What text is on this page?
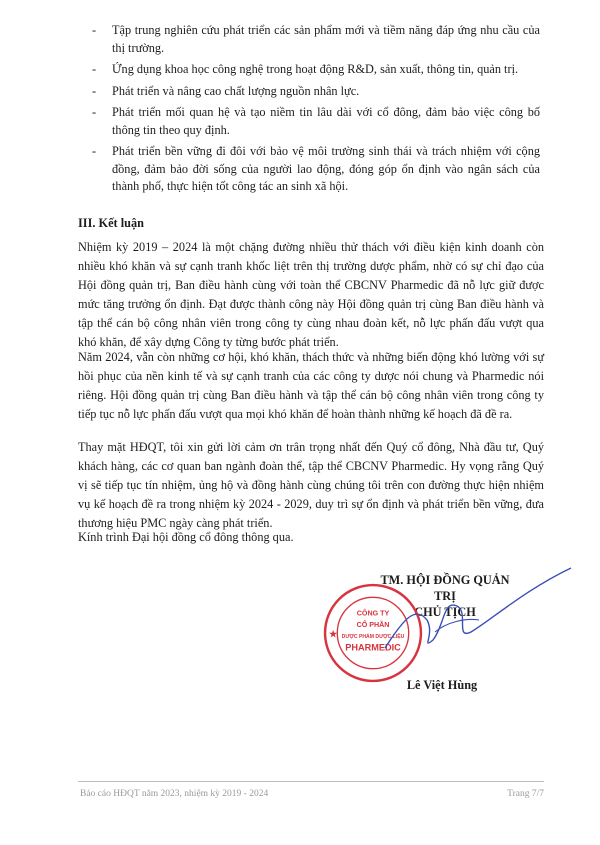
- Tập trung nghiên cứu phát triển các sản phẩm mới và tiềm năng đáp ứng nhu cầu của thị trường.
- Ứng dụng khoa học công nghệ trong hoạt động R&D, sản xuất, thông tin, quản trị.
- Phát triển và nâng cao chất lượng nguồn nhân lực.
- Phát triển mối quan hệ và tạo niềm tin lâu dài với cổ đông, đảm bảo việc công bố thông tin theo quy định.
- Phát triển bền vững đi đôi với bảo vệ môi trường sinh thái và trách nhiệm với cộng đồng, đảm bảo đời sống của người lao động, đóng góp ổn định vào ngân sách của thành phố, thực hiện tốt công tác an sinh xã hội.
III. Kết luận

Nhiệm kỳ 2019 – 2024 là một chặng đường nhiều thử thách với điều kiện kinh doanh còn nhiều khó khăn và sự cạnh tranh khốc liệt trên thị trường dược phẩm, nhờ có sự chỉ đạo của Hội đồng quản trị, Ban điều hành cùng với toàn thể CBCNV Pharmedic đã nỗ lực giữ được mức tăng trưởng ổn định. Đạt được thành công này Hội đồng quản trị cùng Ban điều hành và tập thể cán bộ công nhân viên trong công ty cùng nhau đoàn kết, nỗ lực phấn đấu vượt qua khó khăn, để xây dựng Công ty từng bước phát triển.

Năm 2024, vẫn còn những cơ hội, khó khăn, thách thức và những biến động khó lường với sự hồi phục của nền kinh tế và sự cạnh tranh của các công ty dược nói chung và Pharmedic nói riêng. Hội đồng quản trị cùng Ban điều hành và tập thể cán bộ công nhân viên trong công ty tiếp tục nỗ lực phấn đấu vượt qua mọi khó khăn để hoàn thành những kế hoạch đã đề ra.

Thay mặt HĐQT, tôi xin gửi lời cảm ơn trân trọng nhất đến Quý cổ đông, Nhà đầu tư, Quý khách hàng, các cơ quan ban ngành đoàn thể, tập thể CBCNV Pharmedic. Hy vọng rằng Quý vị sẽ tiếp tục tín nhiệm, ủng hộ và đồng hành cùng chúng tôi trên con đường thực hiện nhiệm vụ kế hoạch đề ra trong nhiệm kỳ 2024 - 2029, duy trì sự ổn định và phát triển bền vững, đưa thương hiệu PMC ngày càng phát triển.

Kính trình Đại hội đồng cổ đông thông qua.

TM. HỘI ĐỒNG QUẢN TRỊ
CHỦ TỊCH
CÔNG TY
CỔ PHẦN
DƯỢC PHẨM DƯỢC LIỆU
PHARMEDIC
★
Lê Việt Hùng
Báo cáo HĐQT năm 2023, nhiệm kỳ 2019 - 2024	Trang 7/7
